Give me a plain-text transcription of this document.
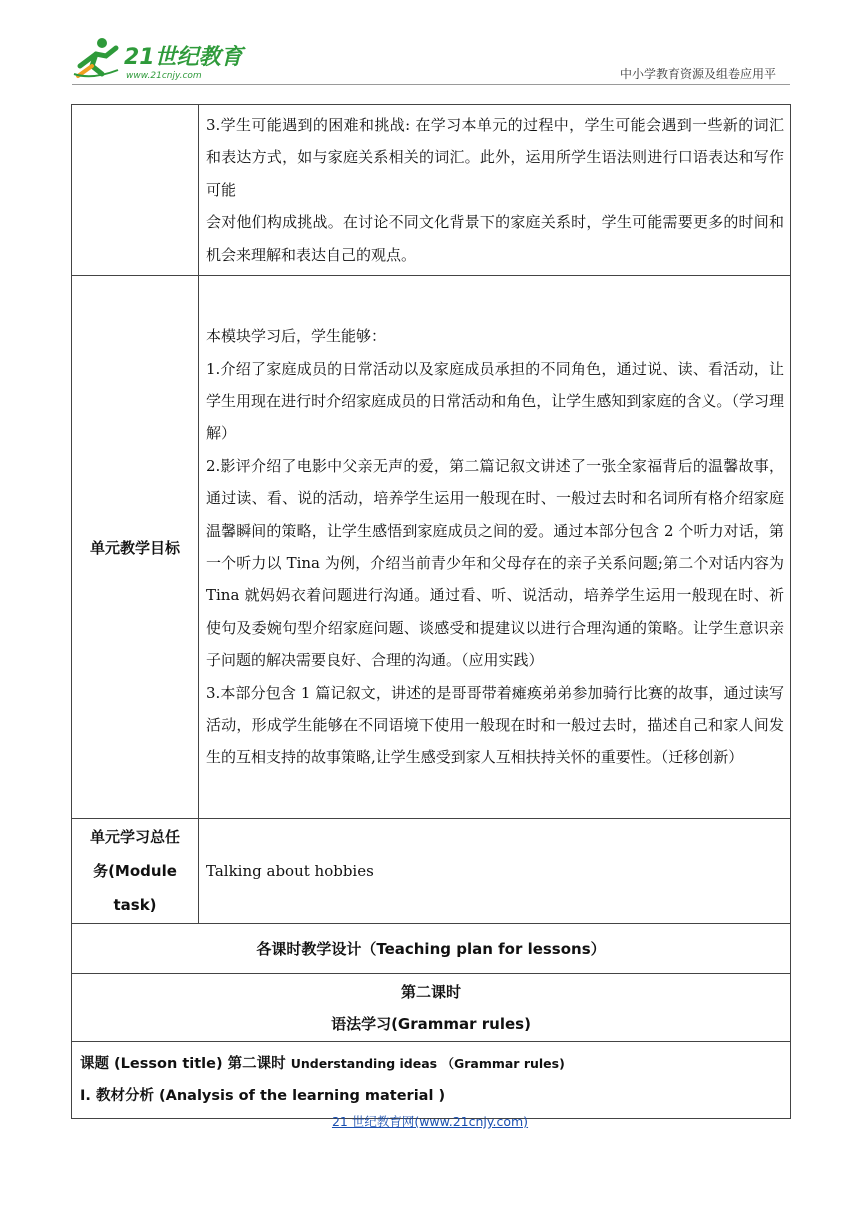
21世纪教育
www.21cnjy.com	中小学教育资源及组卷应用平

	3.学生可能遇到的困难和挑战: 在学习本单元的过程中，学生可能会遇到一些新的词汇和表达方式，如与家庭关系相关的词汇。此外，运用所学生语法则进行口语表达和写作可能

会对他们构成挑战。在讨论不同文化背景下的家庭关系时，学生可能需要更多的时间和机会来理解和表达自己的观点。

单元教学目标	本模块学习后，学生能够：

1.介绍了家庭成员的日常活动以及家庭成员承担的不同角色，通过说、读、看活动，让学生用现在进行时介绍家庭成员的日常活动和角色，让学生感知到家庭的含义。（学习理解）

2.影评介绍了电影中父亲无声的爱，第二篇记叙文讲述了一张全家福背后的温馨故事，通过读、看、说的活动，培养学生运用一般现在时、一般过去时和名词所有格介绍家庭温馨瞬间的策略，让学生感悟到家庭成员之间的爱。通过本部分包含 2 个听力对话，第一个听力以 Tina 为例，介绍当前青少年和父母存在的亲子关系问题;第二个对话内容为 Tina 就妈妈衣着问题进行沟通。通过看、听、说活动，培养学生运用一般现在时、祈使句及委婉句型介绍家庭问题、谈感受和提建议以进行合理沟通的策略。让学生意识亲子问题的解决需要良好、合理的沟通。（应用实践）

3.本部分包含 1 篇记叙文，讲述的是哥哥带着瘫痪弟弟参加骑行比赛的故事，通过读写活动，形成学生能够在不同语境下使用一般现在时和一般过去时，描述自己和家人间发生的互相支持的故事策略,让学生感受到家人互相扶持关怀的重要性。（迁移创新）

单元学习总任
务(Module
task)	Talking about hobbies
各课时教学设计（Teaching plan for lessons）	

第二课时
语法学习(Grammar rules)	

课题 (Lesson title) 第二课时 Understanding ideas （Grammar rules)
I. 教材分析 (Analysis of the learning material )	
21 世纪教育网(www.21cnjy.com)
